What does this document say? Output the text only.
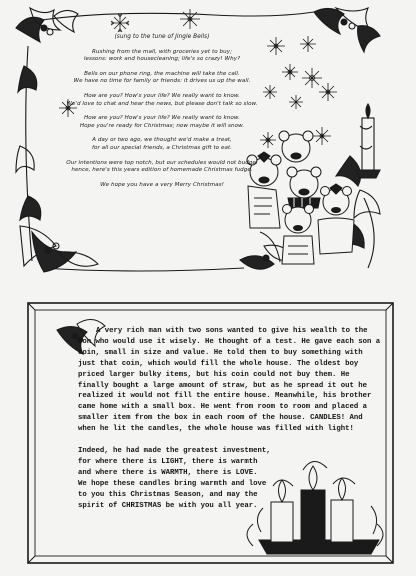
(sung to the tune of Jingle Bells)
Rushing from the mall, with groceries yet to buy;
lessons: work and housecleaning; life's so crazy! Why?
Bells on our phone ring, the machine will take the call.
We have no time for family or friends: it drives us up the wall.
How are you? How's your life? We really want to know.
We'd love to chat and hear the news, but please don't talk so slow.
How are you? How's your life? We really want to know.
Hope you're ready for Christmas; now maybe it will snow.
A day or two ago, we thought we'd make a treat,
for all our special friends, a Christmas gift to eat.
Our intentions were top notch, but our schedules would not budge.
hence, here's this years edition of homemade Christmas fudge.
We hope you have a very Merry Christmas!

A very rich man with two sons wanted to give his wealth to the son who would use it wisely. He thought of a test. He gave each son a coin, small in size and value. He told them to buy something with just that coin, which would fill the whole house. The oldest boy priced larger bulky items, but his coin could not buy them. He finally bought a large amount of straw, but as he spread it out he realized it would not fill the entire house. Meanwhile, his brother came home with a small box. He went from room to room and placed a smaller item from the box in each room of the house. CANDLES! And when he lit the candles, the whole house was filled with light!

Indeed, he had made the greatest investment,
for where there is LIGHT, there is warmth
and where there is WARMTH, there is LOVE.
We hope these candles bring warmth and love
to you this Christmas Season, and may the
spirit of CHRISTMAS be with you all year.
